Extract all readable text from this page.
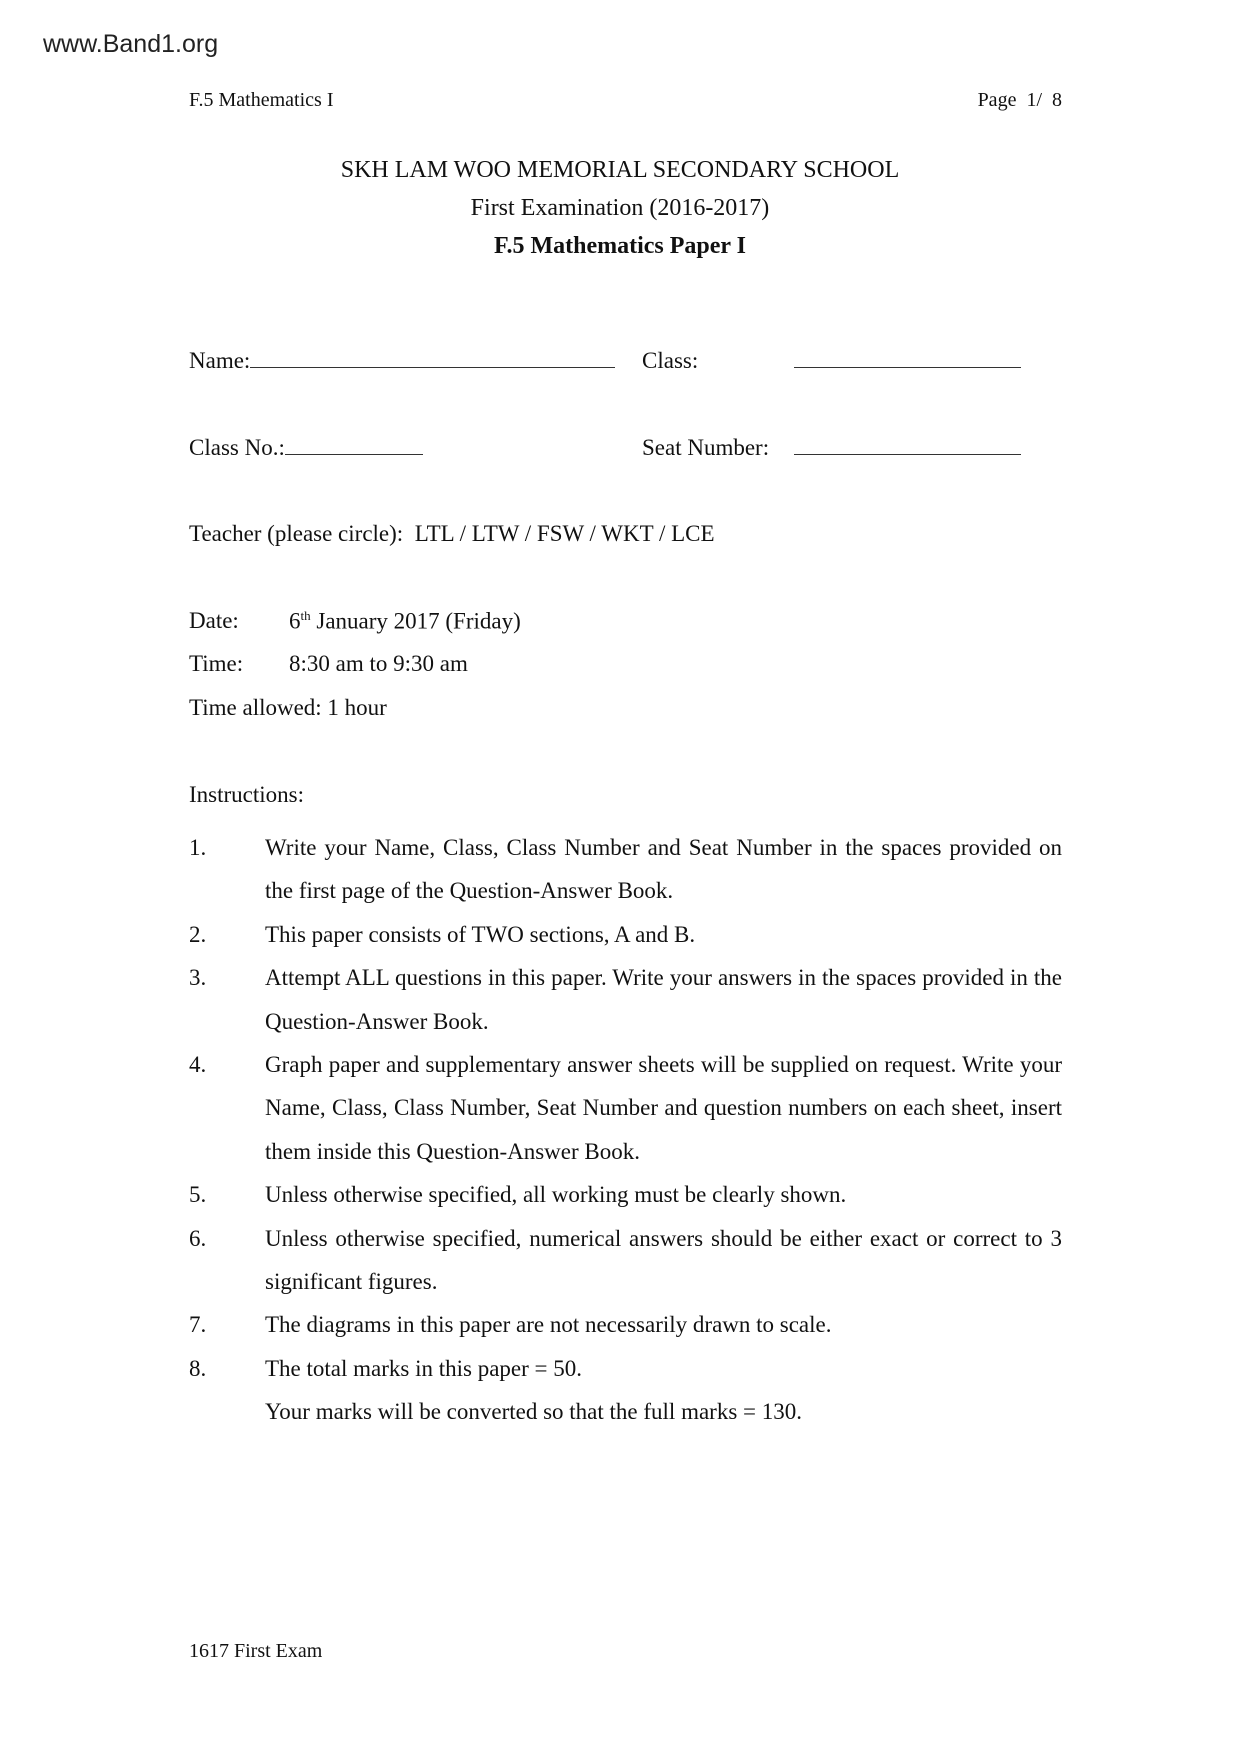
www.Band1.org
F.5 Mathematics I	Page  1/  8
SKH LAM WOO MEMORIAL SECONDARY SCHOOL
First Examination (2016-2017)
F.5 Mathematics Paper I
Name:	Class:
Class No.:	Seat Number:
Teacher (please circle): LTL / LTW / FSW / WKT / LCE
Date: 6th January 2017 (Friday)
Time: 8:30 am to 9:30 am
Time allowed: 1 hour
Instructions:
1.	Write your Name, Class, Class Number and Seat Number in the spaces provided on the first page of the Question-Answer Book.
2.	This paper consists of TWO sections, A and B.
3.	Attempt ALL questions in this paper. Write your answers in the spaces provided in the Question-Answer Book.
4.	Graph paper and supplementary answer sheets will be supplied on request. Write your Name, Class, Class Number, Seat Number and question numbers on each sheet, insert them inside this Question-Answer Book.
5.	Unless otherwise specified, all working must be clearly shown.
6.	Unless otherwise specified, numerical answers should be either exact or correct to 3 significant figures.
7.	The diagrams in this paper are not necessarily drawn to scale.
8.	The total marks in this paper = 50.
Your marks will be converted so that the full marks = 130.
1617 First Exam
